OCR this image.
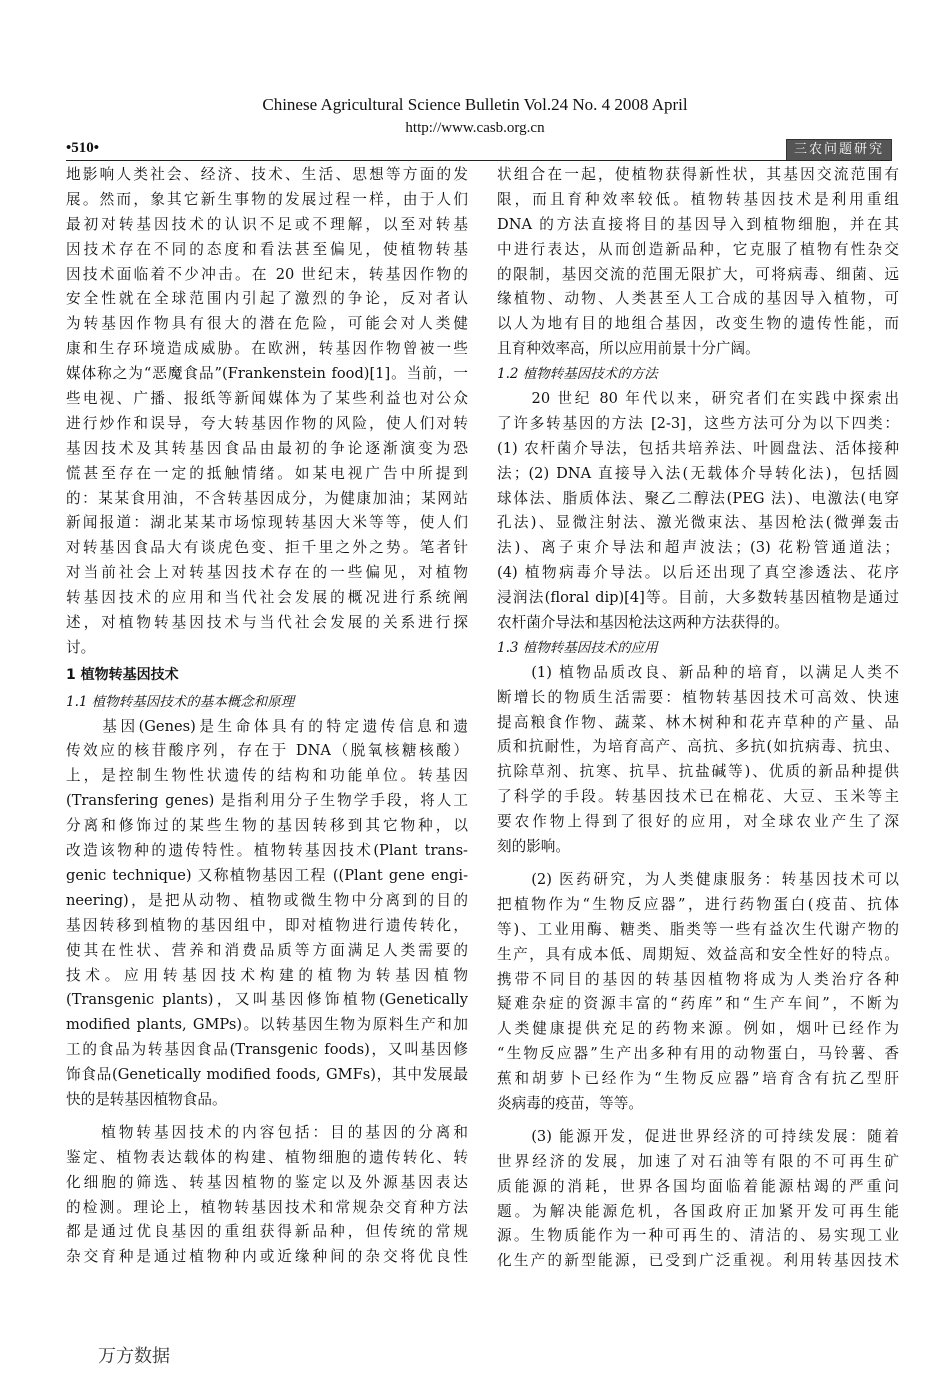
Chinese Agricultural Science Bulletin Vol.24 No. 4 2008 April
http://www.casb.org.cn
•510•	三农问题研究
地影响人类社会、经济、技术、生活、思想等方面的发
展。然而，象其它新生事物的发展过程一样，由于人们
最初对转基因技术的认识不足或不理解，以至对转基
因技术存在不同的态度和看法甚至偏见，使植物转基
因技术面临着不少冲击。在 20 世纪末，转基因作物的
安全性就在全球范围内引起了激烈的争论，反对者认
为转基因作物具有很大的潜在危险，可能会对人类健
康和生存环境造成威胁。在欧洲，转基因作物曾被一些
媒体称之为“恶魔食品”(Frankenstein food)[1]。当前，一
些电视、广播、报纸等新闻媒体为了某些利益也对公众
进行炒作和误导，夸大转基因作物的风险，使人们对转
基因技术及其转基因食品由最初的争论逐渐演变为恐
慌甚至存在一定的抵触情绪。如某电视广告中所提到
的：某某食用油，不含转基因成分，为健康加油；某网站
新闻报道：湖北某某市场惊现转基因大米等等，使人们
对转基因食品大有谈虎色变、拒千里之外之势。笔者针
对当前社会上对转基因技术存在的一些偏见，对植物
转基因技术的应用和当代社会发展的概况进行系统阐
述，对植物转基因技术与当代社会发展的关系进行探
讨。
1 植物转基因技术
1.1 植物转基因技术的基本概念和原理
　　基因(Genes)是生命体具有的特定遗传信息和遗
传效应的核苷酸序列，存在于 DNA（脱氧核糖核酸）
上，是控制生物性状遗传的结构和功能单位。转基因
(Transfering genes) 是指利用分子生物学手段，将人工
分离和修饰过的某些生物的基因转移到其它物种，以
改造该物种的遗传特性。植物转基因技术(Plant trans-
genic technique) 又称植物基因工程 ((Plant gene engi-
neering)，是把从动物、植物或微生物中分离到的目的
基因转移到植物的基因组中，即对植物进行遗传转化，
使其在性状、营养和消费品质等方面满足人类需要的
技术。应用转基因技术构建的植物为转基因植物
(Transgenic plants)，又叫基因修饰植物(Genetically
modified plants, GMPs)。以转基因生物为原料生产和加
工的食品为转基因食品(Transgenic foods)，又叫基因修
饰食品(Genetically modified foods, GMFs)，其中发展最
快的是转基因植物食品。
　　植物转基因技术的内容包括：目的基因的分离和
鉴定、植物表达载体的构建、植物细胞的遗传转化、转
化细胞的筛选、转基因植物的鉴定以及外源基因表达
的检测。理论上，植物转基因技术和常规杂交育种方法
都是通过优良基因的重组获得新品种，但传统的常规
杂交育种是通过植物种内或近缘种间的杂交将优良性
状组合在一起，使植物获得新性状，其基因交流范围有
限，而且育种效率较低。植物转基因技术是利用重组
DNA 的方法直接将目的基因导入到植物细胞，并在其
中进行表达，从而创造新品种，它克服了植物有性杂交
的限制，基因交流的范围无限扩大，可将病毒、细菌、远
缘植物、动物、人类甚至人工合成的基因导入植物，可
以人为地有目的地组合基因，改变生物的遗传性能，而
且育种效率高，所以应用前景十分广阔。
1.2 植物转基因技术的方法
　　20 世纪 80 年代以来，研究者们在实践中探索出
了许多转基因的方法 [2-3]，这些方法可分为以下四类：
(1) 农杆菌介导法，包括共培养法、叶圆盘法、活体接种
法；(2) DNA 直接导入法(无载体介导转化法)，包括圆
球体法、脂质体法、聚乙二醇法(PEG 法)、电激法(电穿
孔法)、显微注射法、激光微束法、基因枪法(微弹轰击
法)、离子束介导法和超声波法；(3) 花粉管通道法；
(4) 植物病毒介导法。以后还出现了真空渗透法、花序
浸润法(floral dip)[4]等。目前，大多数转基因植物是通过
农杆菌介导法和基因枪法这两种方法获得的。
1.3 植物转基因技术的应用
　　(1) 植物品质改良、新品种的培育，以满足人类不
断增长的物质生活需要：植物转基因技术可高效、快速
提高粮食作物、蔬菜、林木树种和花卉草种的产量、品
质和抗耐性，为培育高产、高抗、多抗(如抗病毒、抗虫、
抗除草剂、抗寒、抗旱、抗盐碱等)、优质的新品种提供
了科学的手段。转基因技术已在棉花、大豆、玉米等主
要农作物上得到了很好的应用，对全球农业产生了深
刻的影响。
　　(2) 医药研究，为人类健康服务：转基因技术可以
把植物作为“生物反应器”，进行药物蛋白(疫苗、抗体
等)、工业用酶、糖类、脂类等一些有益次生代谢产物的
生产，具有成本低、周期短、效益高和安全性好的特点。
携带不同目的基因的转基因植物将成为人类治疗各种
疑难杂症的资源丰富的“药库”和“生产车间”，不断为
人类健康提供充足的药物来源。例如，烟叶已经作为
“生物反应器”生产出多种有用的动物蛋白，马铃薯、香
蕉和胡萝卜已经作为“生物反应器”培育含有抗乙型肝
炎病毒的疫苗，等等。
　　(3) 能源开发，促进世界经济的可持续发展：随着
世界经济的发展，加速了对石油等有限的不可再生矿
质能源的消耗，世界各国均面临着能源枯竭的严重问
题。为解决能源危机，各国政府正加紧开发可再生能
源。生物质能作为一种可再生的、清洁的、易实现工业
化生产的新型能源，已受到广泛重视。利用转基因技术
万方数据
